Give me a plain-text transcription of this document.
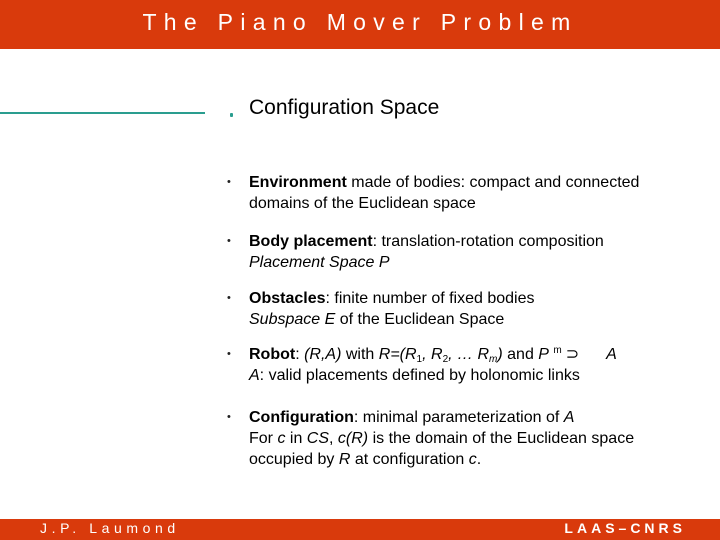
The Piano Mover Problem
Configuration Space
• Environment made of bodies: compact and connected
domains of the Euclidean space
• Body placement: translation-rotation composition
Placement Space P
• Obstacles: finite number of fixed bodies
Subspace E of the Euclidean Space
• Robot: (R,A) with $R=(R_1$, $R_2$, … $R_m$) and P $^m$ ⊃ A
A: valid placements defined by holonomic links
• Configuration: minimal parameterization of A
For c in CS, c(R) is the domain of the Euclidean space
occupied by R at configuration c.
J.P. Laumond	LAAS–CNRS
